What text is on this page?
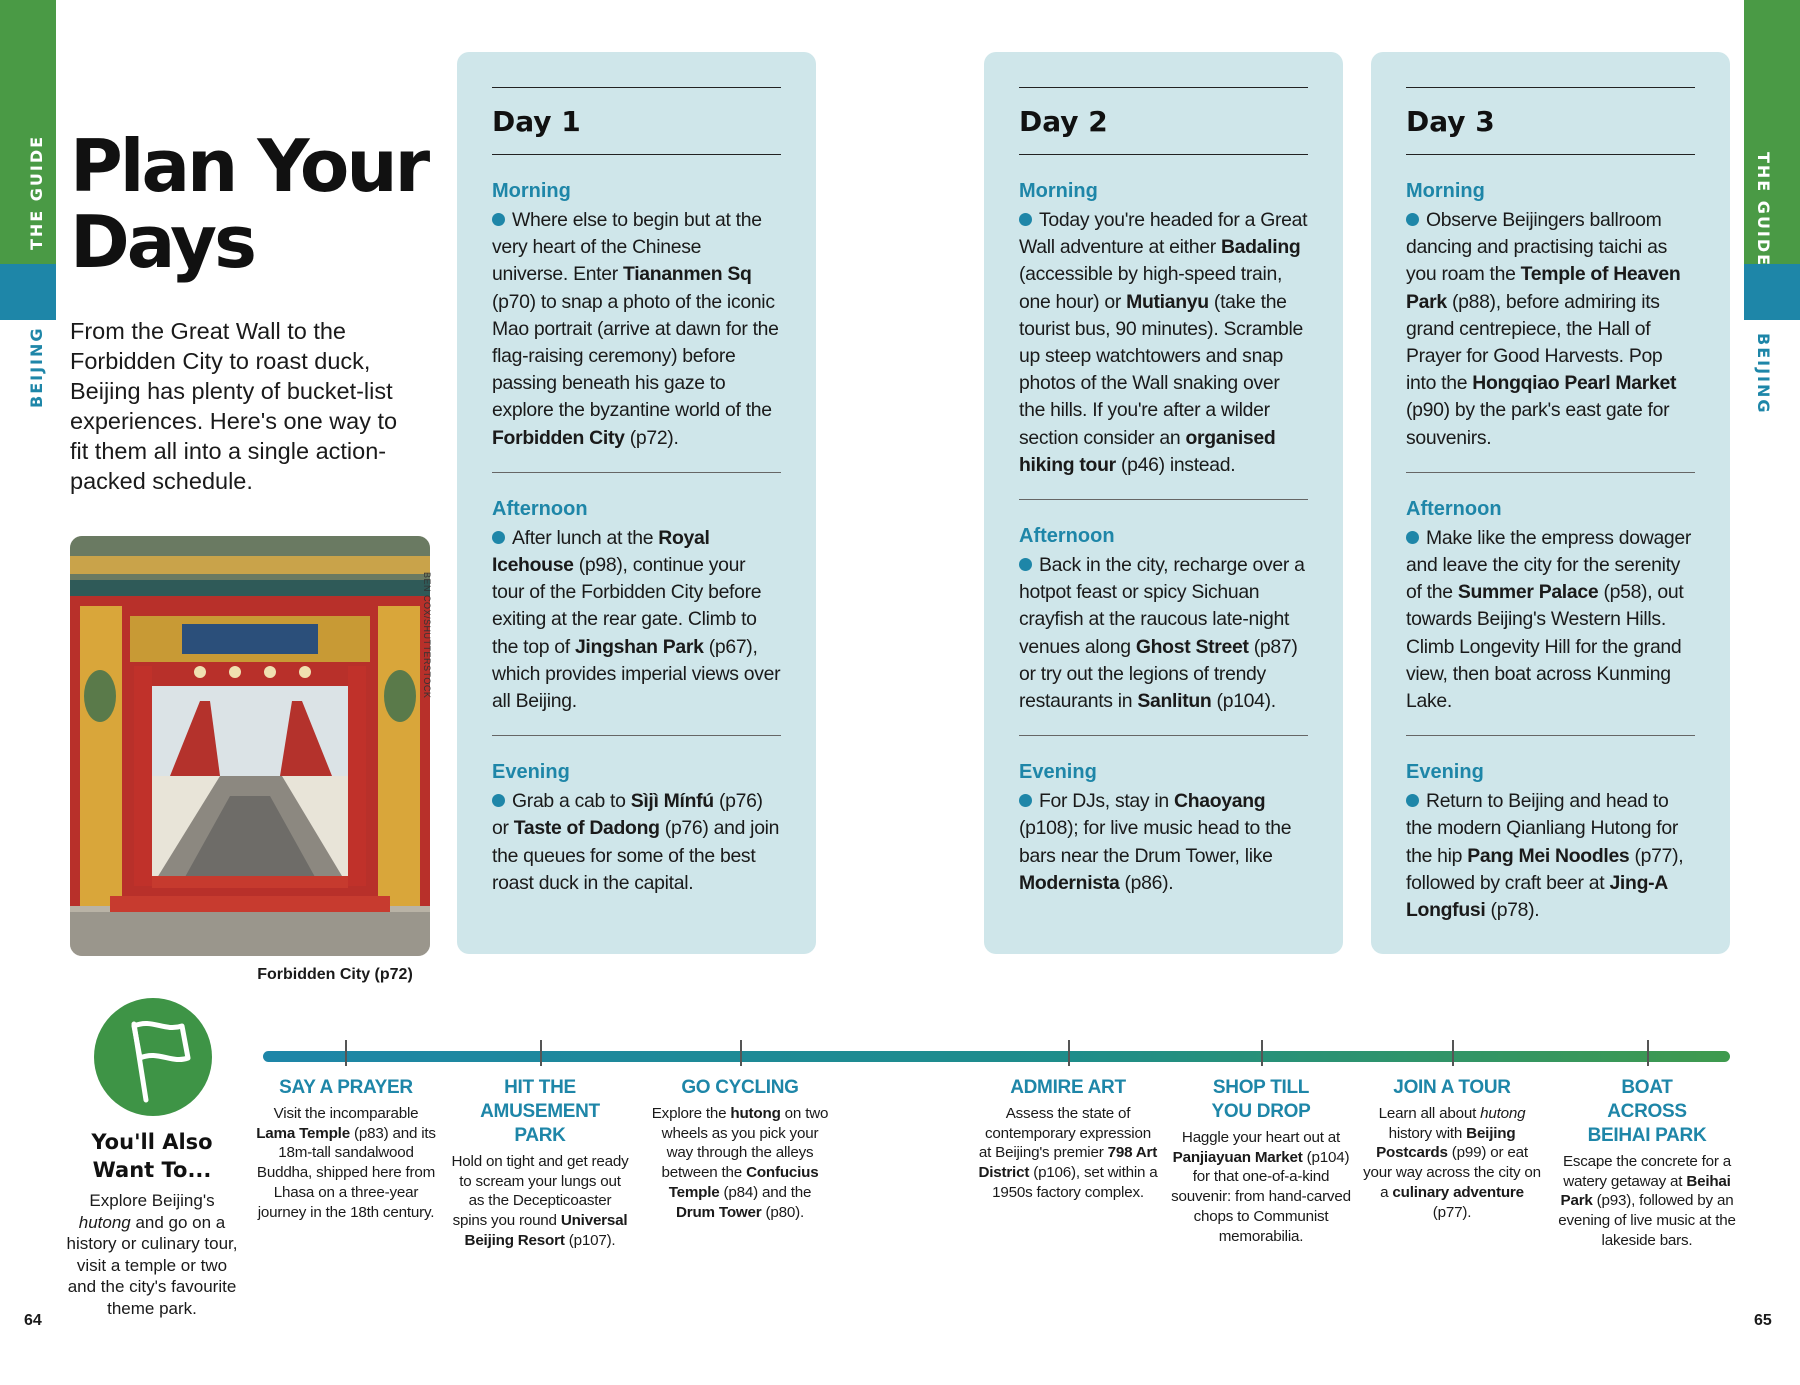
THE GUIDE
BEIJING
THE GUIDE
BEIJING
Plan Your Days

From the Great Wall to the Forbidden City to roast duck, Beijing has plenty of bucket-list experiences. Here's one way to fit them all into a single action-packed schedule.

BEN COX/SHUTTERSTOCK
Forbidden City (p72)
Day 1
Morning
Where else to begin but at the very heart of the Chinese universe. Enter Tiananmen Sq (p70) to snap a photo of the iconic Mao portrait (arrive at dawn for the flag-raising ceremony) before passing beneath his gaze to explore the byzantine world of the Forbidden City (p72).
Afternoon
After lunch at the Royal Icehouse (p98), continue your tour of the Forbidden City before exiting at the rear gate. Climb to the top of Jingshan Park (p67), which provides imperial views over all Beijing.
Evening
Grab a cab to Sìjì Mínfú (p76) or Taste of Dadong (p76) and join the queues for some of the best roast duck in the capital.
Day 2
Morning
Today you're headed for a Great Wall adventure at either Badaling (accessible by high-speed train, one hour) or Mutianyu (take the tourist bus, 90 minutes). Scramble up steep watchtowers and snap photos of the Wall snaking over the hills. If you're after a wilder section consider an organised hiking tour (p46) instead.
Afternoon
Back in the city, recharge over a hotpot feast or spicy Sichuan crayfish at the raucous late-night venues along Ghost Street (p87) or try out the legions of trendy restaurants in Sanlitun (p104).
Evening
For DJs, stay in Chaoyang (p108); for live music head to the bars near the Drum Tower, like Modernista (p86).
Day 3
Morning
Observe Beijingers ballroom dancing and practising taichi as you roam the Temple of Heaven Park (p88), before admiring its grand centrepiece, the Hall of Prayer for Good Harvests. Pop into the Hongqiao Pearl Market (p90) by the park's east gate for souvenirs.
Afternoon
Make like the empress dowager and leave the city for the serenity of the Summer Palace (p58), out towards Beijing's Western Hills. Climb Longevity Hill for the grand view, then boat across Kunming Lake.
Evening
Return to Beijing and head to the modern Qianliang Hutong for the hip Pang Mei Noodles (p77), followed by craft beer at Jing-A Longfusi (p78).
You'll Also Want To...
Explore Beijing's hutong and go on a history or culinary tour, visit a temple or two and the city's favourite theme park.
SAY A PRAYER
Visit the incomparable Lama Temple (p83) and its 18m-tall sandalwood Buddha, shipped here from Lhasa on a three-year journey in the 18th century.
HIT THE AMUSEMENT PARK
Hold on tight and get ready to scream your lungs out as the Decepticoaster spins you round Universal Beijing Resort (p107).
GO CYCLING
Explore the hutong on two wheels as you pick your way through the alleys between the Confucius Temple (p84) and the Drum Tower (p80).
ADMIRE ART
Assess the state of contemporary expression at Beijing's premier 798 Art District (p106), set within a 1950s factory complex.
SHOP TILL YOU DROP
Haggle your heart out at Panjiayuan Market (p104) for that one-of-a-kind souvenir: from hand-carved chops to Communist memorabilia.
JOIN A TOUR
Learn all about hutong history with Beijing Postcards (p99) or eat your way across the city on a culinary adventure (p77).
BOAT ACROSS BEIHAI PARK
Escape the concrete for a watery getaway at Beihai Park (p93), followed by an evening of live music at the lakeside bars.
64	65
